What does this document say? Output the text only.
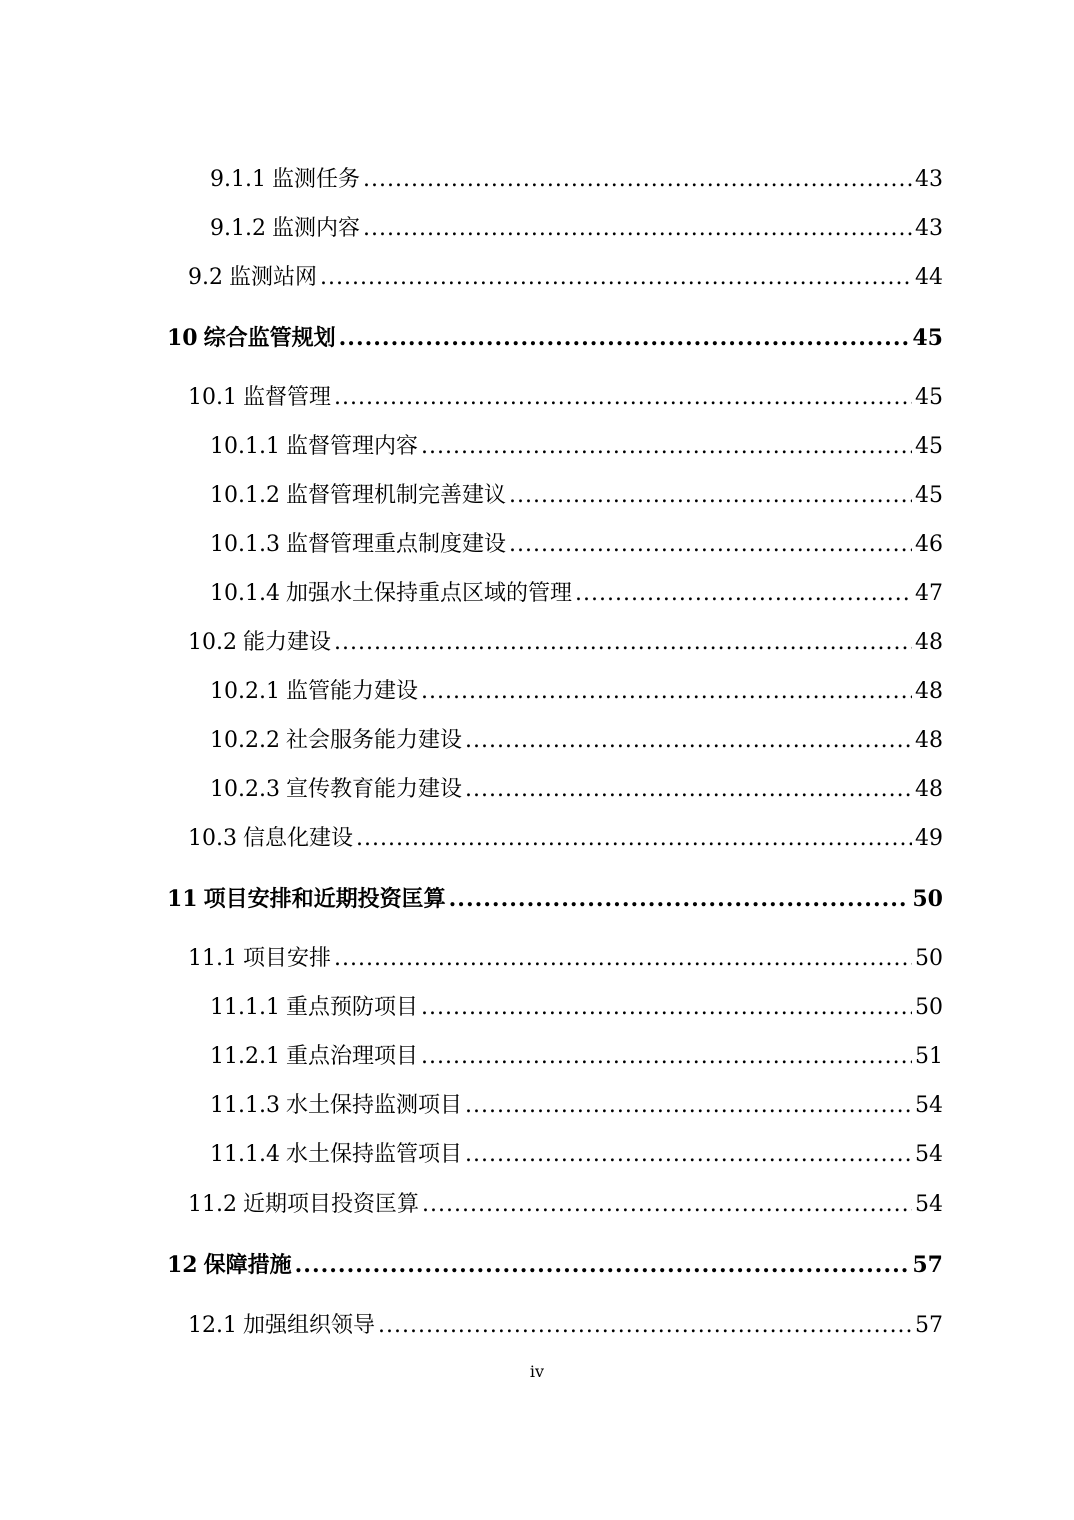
9.1.1 监测任务 .....	43
9.1.2 监测内容 .....	43
9.2 监测站网 .....	44
10 综合监管规划 .....	45
10.1 监督管理 .....	45
10.1.1 监督管理内容 .....	45
10.1.2 监督管理机制完善建议 .....	45
10.1.3 监督管理重点制度建设 .....	46
10.1.4 加强水土保持重点区域的管理 .....	47
10.2 能力建设 .....	48
10.2.1 监管能力建设 .....	48
10.2.2 社会服务能力建设 .....	48
10.2.3 宣传教育能力建设 .....	48
10.3 信息化建设 .....	49
11 项目安排和近期投资匡算 .....	50
11.1 项目安排 .....	50
11.1.1 重点预防项目 .....	50
11.2.1 重点治理项目 .....	51
11.1.3 水土保持监测项目 .....	54
11.1.4 水土保持监管项目 .....	54
11.2 近期项目投资匡算 .....	54
12 保障措施 .....	57
12.1 加强组织领导 .....	57
iv
